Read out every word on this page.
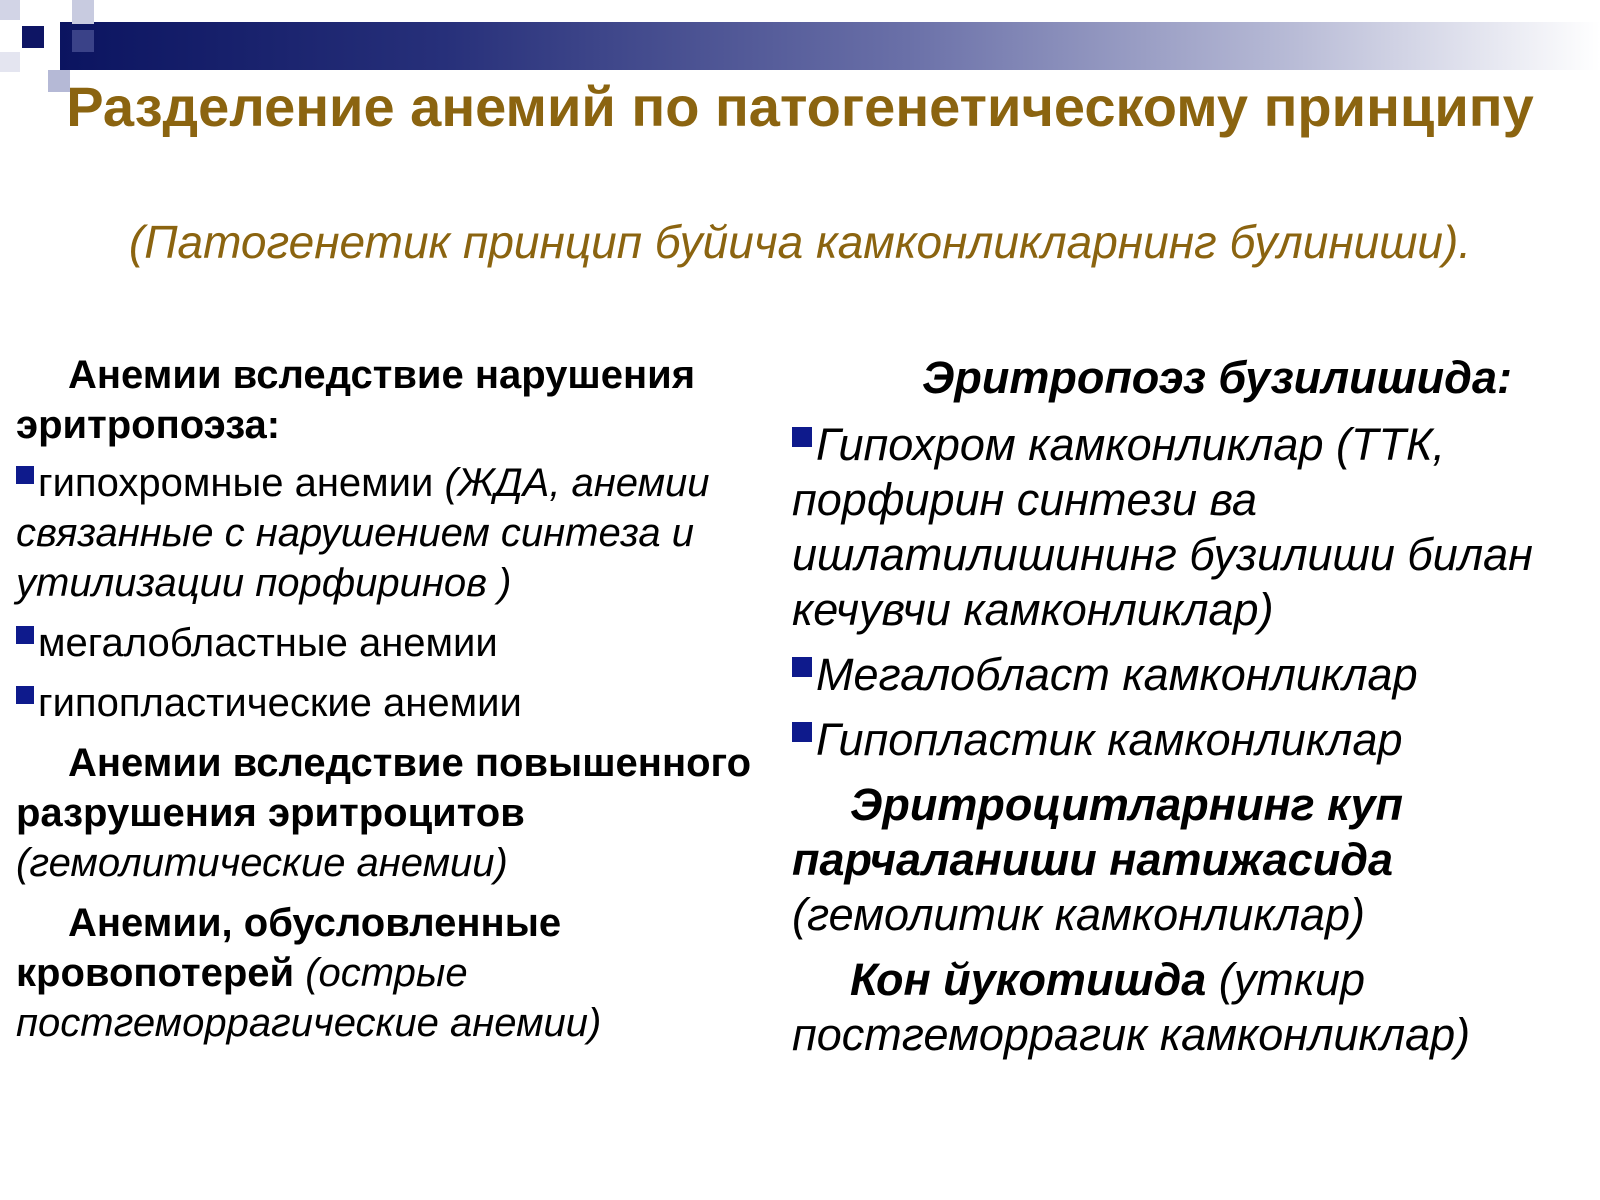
Разделение анемий по патогенетическому принципу
(Патогенетик принцип буйича камконликларнинг булиниши).
Анемии вследствие нарушения эритропоэза:
гипохромные анемии (ЖДА, анемии связанные с нарушением синтеза и утилизации порфиринов )
мегалобластные анемии
гипопластические анемии
Анемии вследствие повышенного разрушения эритроцитов (гемолитические анемии)
Анемии, обусловленные кровопотерей (острые постгеморрагические анемии)
Эритропоэз бузилишида:
Гипохром камконликлар (ТТК, порфирин синтези ва ишлатилишининг бузилиши билан кечувчи камконликлар)
Мегалобласт камконликлар
Гипопластик камконликлар
Эритроцитларнинг куп парчаланиши натижасида (гемолитик камконликлар)
Кон йукотишда (уткир постгеморрагик камконликлар)
